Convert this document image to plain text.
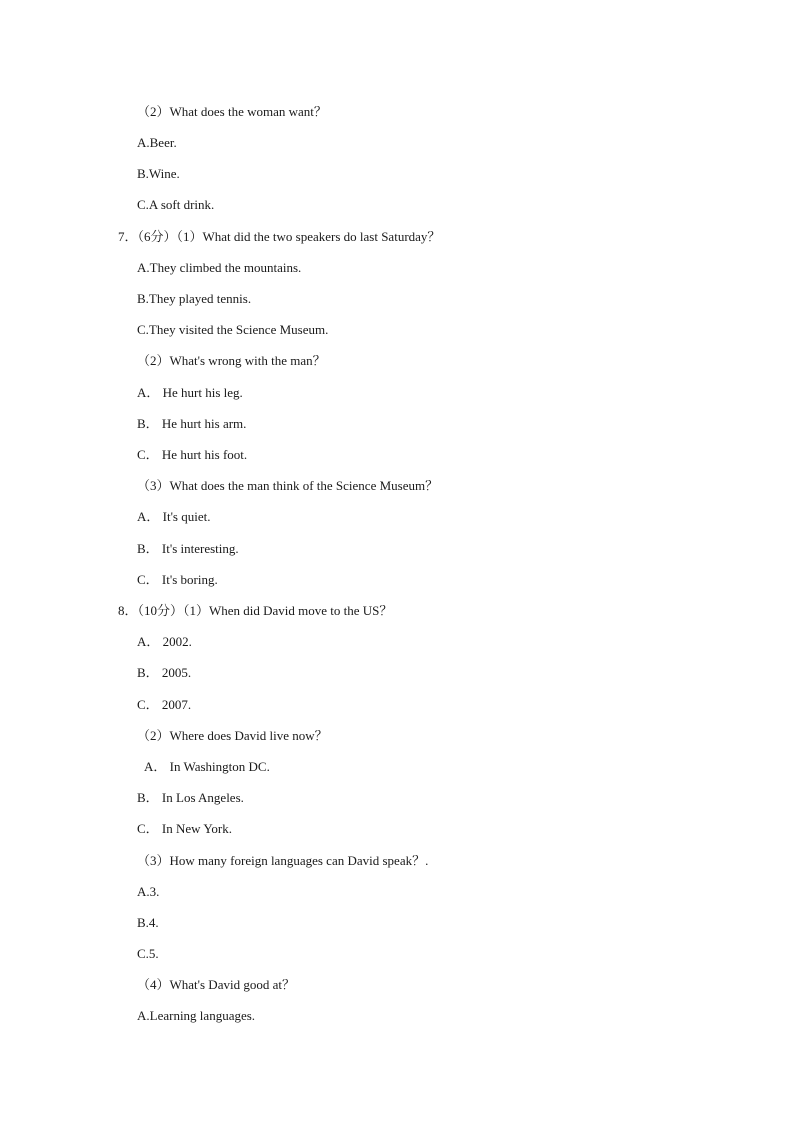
（2）What does the woman want？
A.Beer.
B.Wine.
C.A soft drink.
7．（6分）（1）What did the two speakers do last Saturday？
A.They climbed the mountains.
B.They played tennis.
C.They visited the Science Museum.
（2）What's wrong with the man？
A． He hurt his leg.
B． He hurt his arm.
C． He hurt his foot.
（3）What does the man think of the Science Museum？
A． It's quiet.
B． It's interesting.
C． It's boring.
8．（10分）（1）When did David move to the US？
A． 2002.
B． 2005.
C． 2007.
（2）Where does David live now？
A． In Washington DC.
B． In Los Angeles.
C． In New York.
（3）How many foreign languages can David speak？.
A.3.
B.4.
C.5.
（4）What's David good at？
A.Learning languages.
